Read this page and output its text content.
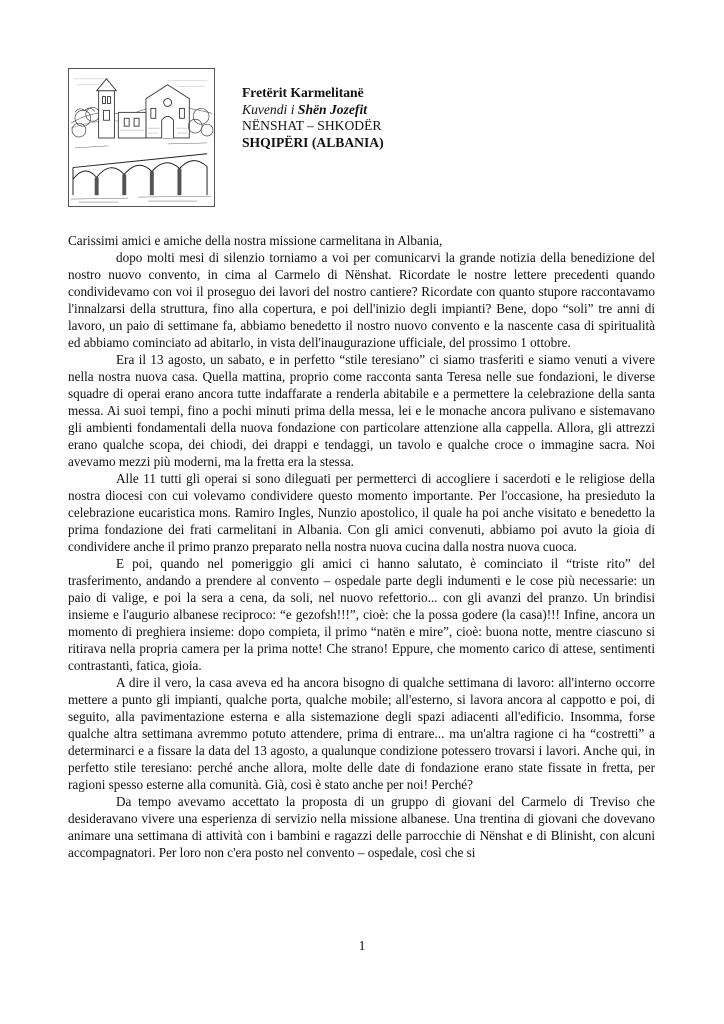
Fretërit Karmelitanë
Kuvendi i Shën Jozefit
NËNSHAT – SHKODËR
SHQIPËRI (ALBANIA)

Carissimi amici e amiche della nostra missione carmelitana in Albania,

dopo molti mesi di silenzio torniamo a voi per comunicarvi la grande notizia della benedizione del nostro nuovo convento, in cima al Carmelo di Nënshat. Ricordate le nostre lettere precedenti quando condividevamo con voi il proseguo dei lavori del nostro cantiere? Ricordate con quanto stupore raccontavamo l'innalzarsi della struttura, fino alla copertura, e poi dell'inizio degli impianti? Bene, dopo “soli” tre anni di lavoro, un paio di settimane fa, abbiamo benedetto il nostro nuovo convento e la nascente casa di spiritualità ed abbiamo cominciato ad abitarlo, in vista dell'inaugurazione ufficiale, del prossimo 1 ottobre.

Era il 13 agosto, un sabato, e in perfetto “stile teresiano” ci siamo trasferiti e siamo venuti a vivere nella nostra nuova casa. Quella mattina, proprio come racconta santa Teresa nelle sue fondazioni, le diverse squadre di operai erano ancora tutte indaffarate a renderla abitabile e a permettere la celebrazione della santa messa. Ai suoi tempi, fino a pochi minuti prima della messa, lei e le monache ancora pulivano e sistemavano gli ambienti fondamentali della nuova fondazione con particolare attenzione alla cappella. Allora, gli attrezzi erano qualche scopa, dei chiodi, dei drappi e tendaggi, un tavolo e qualche croce o immagine sacra. Noi avevamo mezzi più moderni, ma la fretta era la stessa.

Alle 11 tutti gli operai si sono dileguati per permetterci di accogliere i sacerdoti e le religiose della nostra diocesi con cui volevamo condividere questo momento importante. Per l'occasione, ha presieduto la celebrazione eucaristica mons. Ramiro Ingles, Nunzio apostolico, il quale ha poi anche visitato e benedetto la prima fondazione dei frati carmelitani in Albania. Con gli amici convenuti, abbiamo poi avuto la gioia di condividere anche il primo pranzo preparato nella nostra nuova cucina dalla nostra nuova cuoca.

E poi, quando nel pomeriggio gli amici ci hanno salutato, è cominciato il “triste rito” del trasferimento, andando a prendere al convento – ospedale parte degli indumenti e le cose più necessarie: un paio di valige, e poi la sera a cena, da soli, nel nuovo refettorio... con gli avanzi del pranzo. Un brindisi insieme e l'augurio albanese reciproco: “e gezofsh!!!”, cioè: che la possa godere (la casa)!!! Infine, ancora un momento di preghiera insieme: dopo compieta, il primo “natën e mire”, cioè: buona notte, mentre ciascuno si ritirava nella propria camera per la prima notte! Che strano! Eppure, che momento carico di attese, sentimenti contrastanti, fatica, gioia.

A dire il vero, la casa aveva ed ha ancora bisogno di qualche settimana di lavoro: all'interno occorre mettere a punto gli impianti, qualche porta, qualche mobile; all'esterno, si lavora ancora al cappotto e poi, di seguito, alla pavimentazione esterna e alla sistemazione degli spazi adiacenti all'edificio. Insomma, forse qualche altra settimana avremmo potuto attendere, prima di entrare... ma un'altra ragione ci ha “costretti” a determinarci e a fissare la data del 13 agosto, a qualunque condizione potessero trovarsi i lavori. Anche qui, in perfetto stile teresiano: perché anche allora, molte delle date di fondazione erano state fissate in fretta, per ragioni spesso esterne alla comunità. Già, così è stato anche per noi! Perché?

Da tempo avevamo accettato la proposta di un gruppo di giovani del Carmelo di Treviso che desideravano vivere una esperienza di servizio nella missione albanese. Una trentina di giovani che dovevano animare una settimana di attività con i bambini e ragazzi delle parrocchie di Nënshat e di Blinisht, con alcuni accompagnatori. Per loro non c'era posto nel convento – ospedale, così che si

1
